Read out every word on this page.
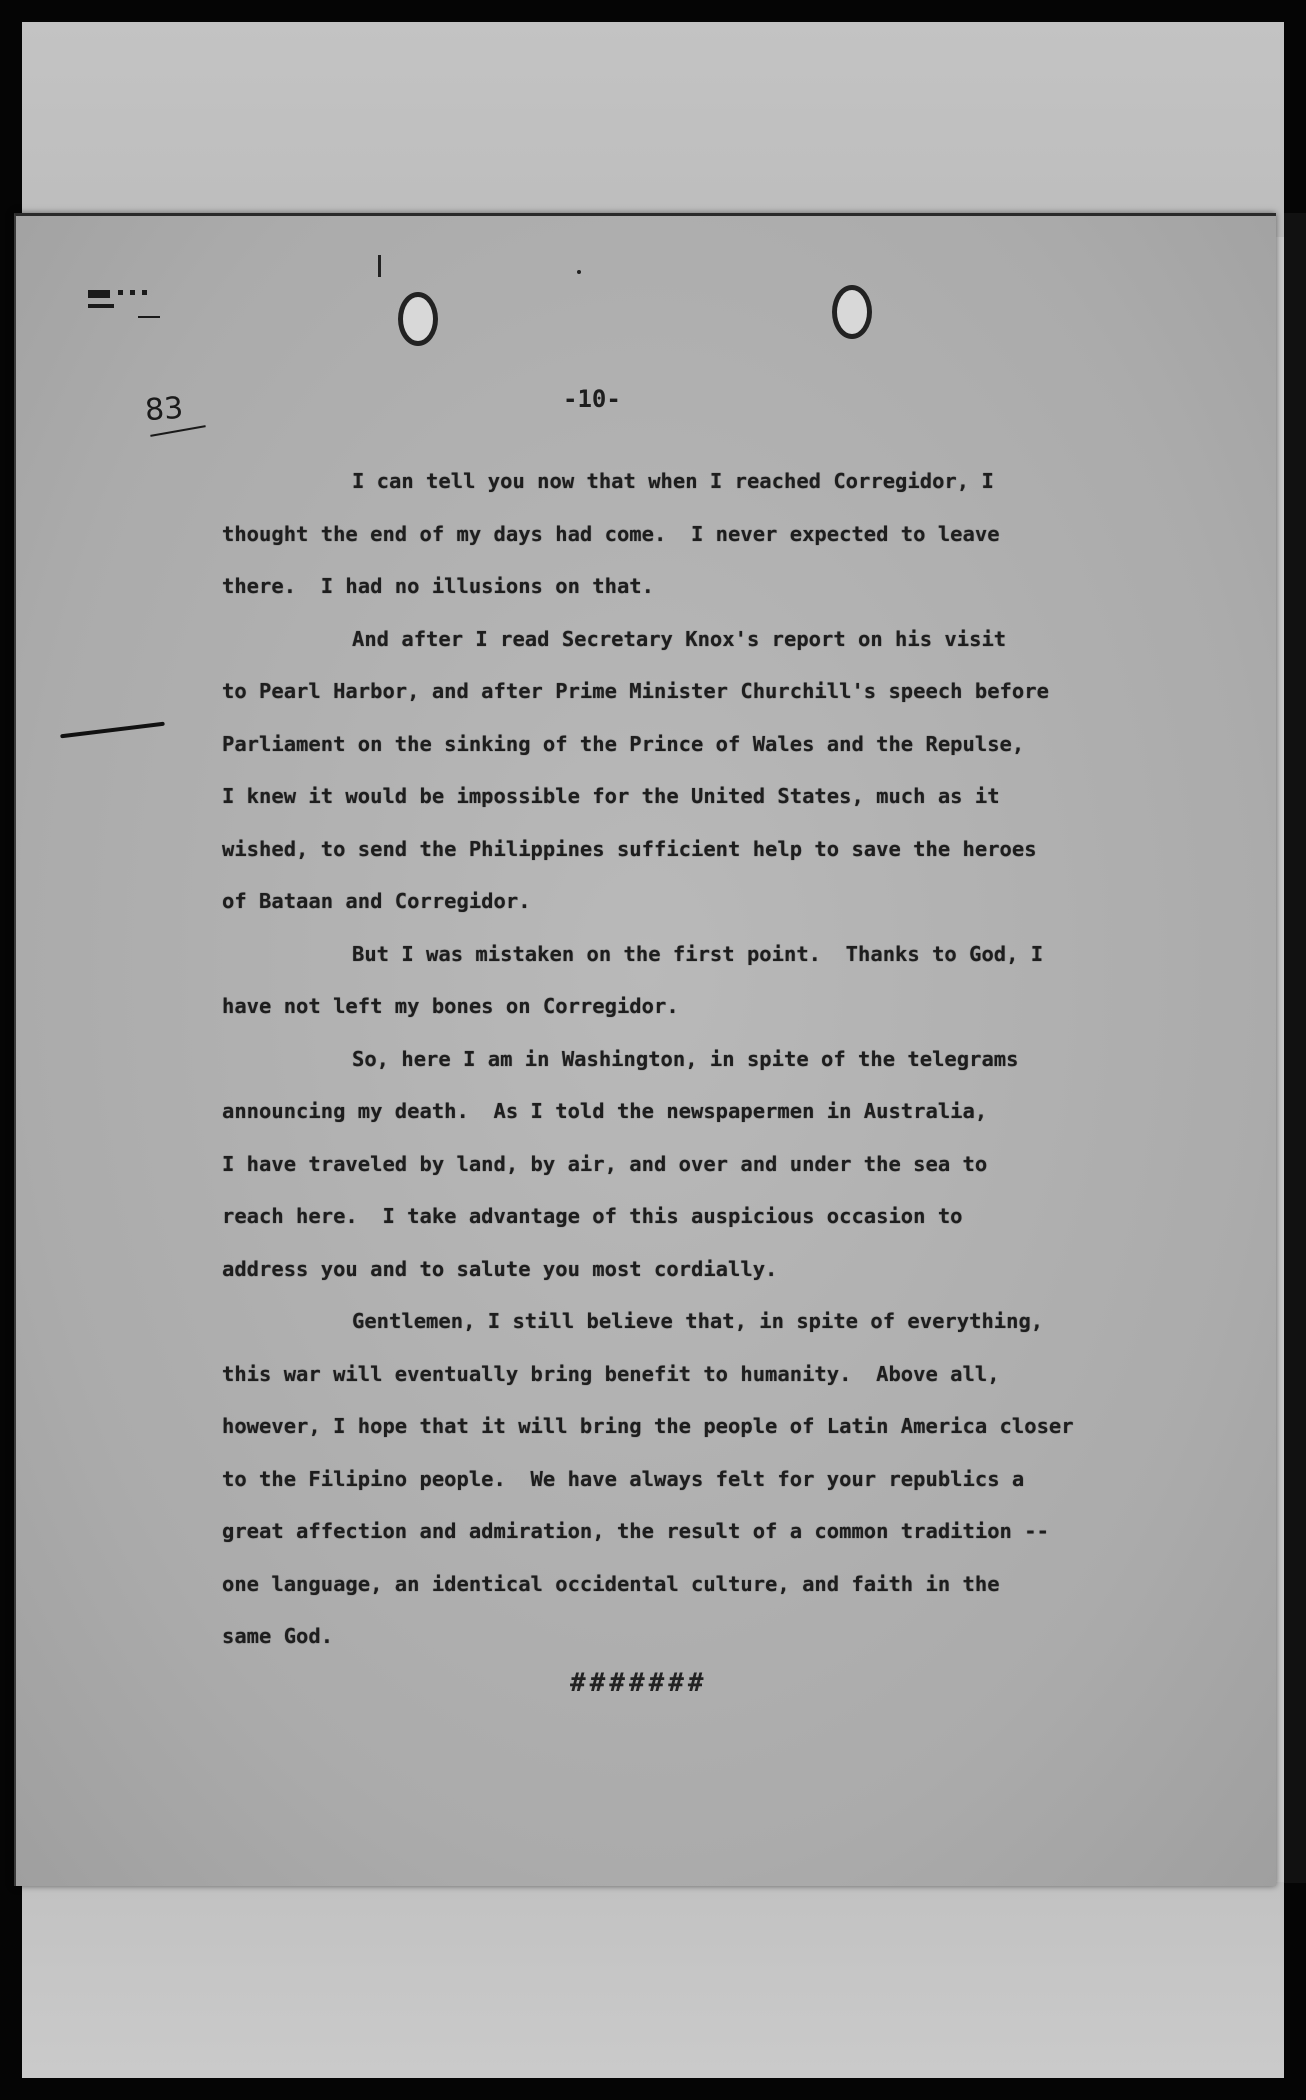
83	-10-
I can tell you now that when I reached Corregidor, I
thought the end of my days had come.  I never expected to leave
there.  I had no illusions on that.
And after I read Secretary Knox's report on his visit
to Pearl Harbor, and after Prime Minister Churchill's speech before
Parliament on the sinking of the Prince of Wales and the Repulse,
I knew it would be impossible for the United States, much as it
wished, to send the Philippines sufficient help to save the heroes
of Bataan and Corregidor.
But I was mistaken on the first point.  Thanks to God, I
have not left my bones on Corregidor.
So, here I am in Washington, in spite of the telegrams
announcing my death.  As I told the newspapermen in Australia,
I have traveled by land, by air, and over and under the sea to
reach here.  I take advantage of this auspicious occasion to
address you and to salute you most cordially.
Gentlemen, I still believe that, in spite of everything,
this war will eventually bring benefit to humanity.  Above all,
however, I hope that it will bring the people of Latin America closer
to the Filipino people.  We have always felt for your republics a
great affection and admiration, the result of a common tradition --
one language, an identical occidental culture, and faith in the
same God.
#######
